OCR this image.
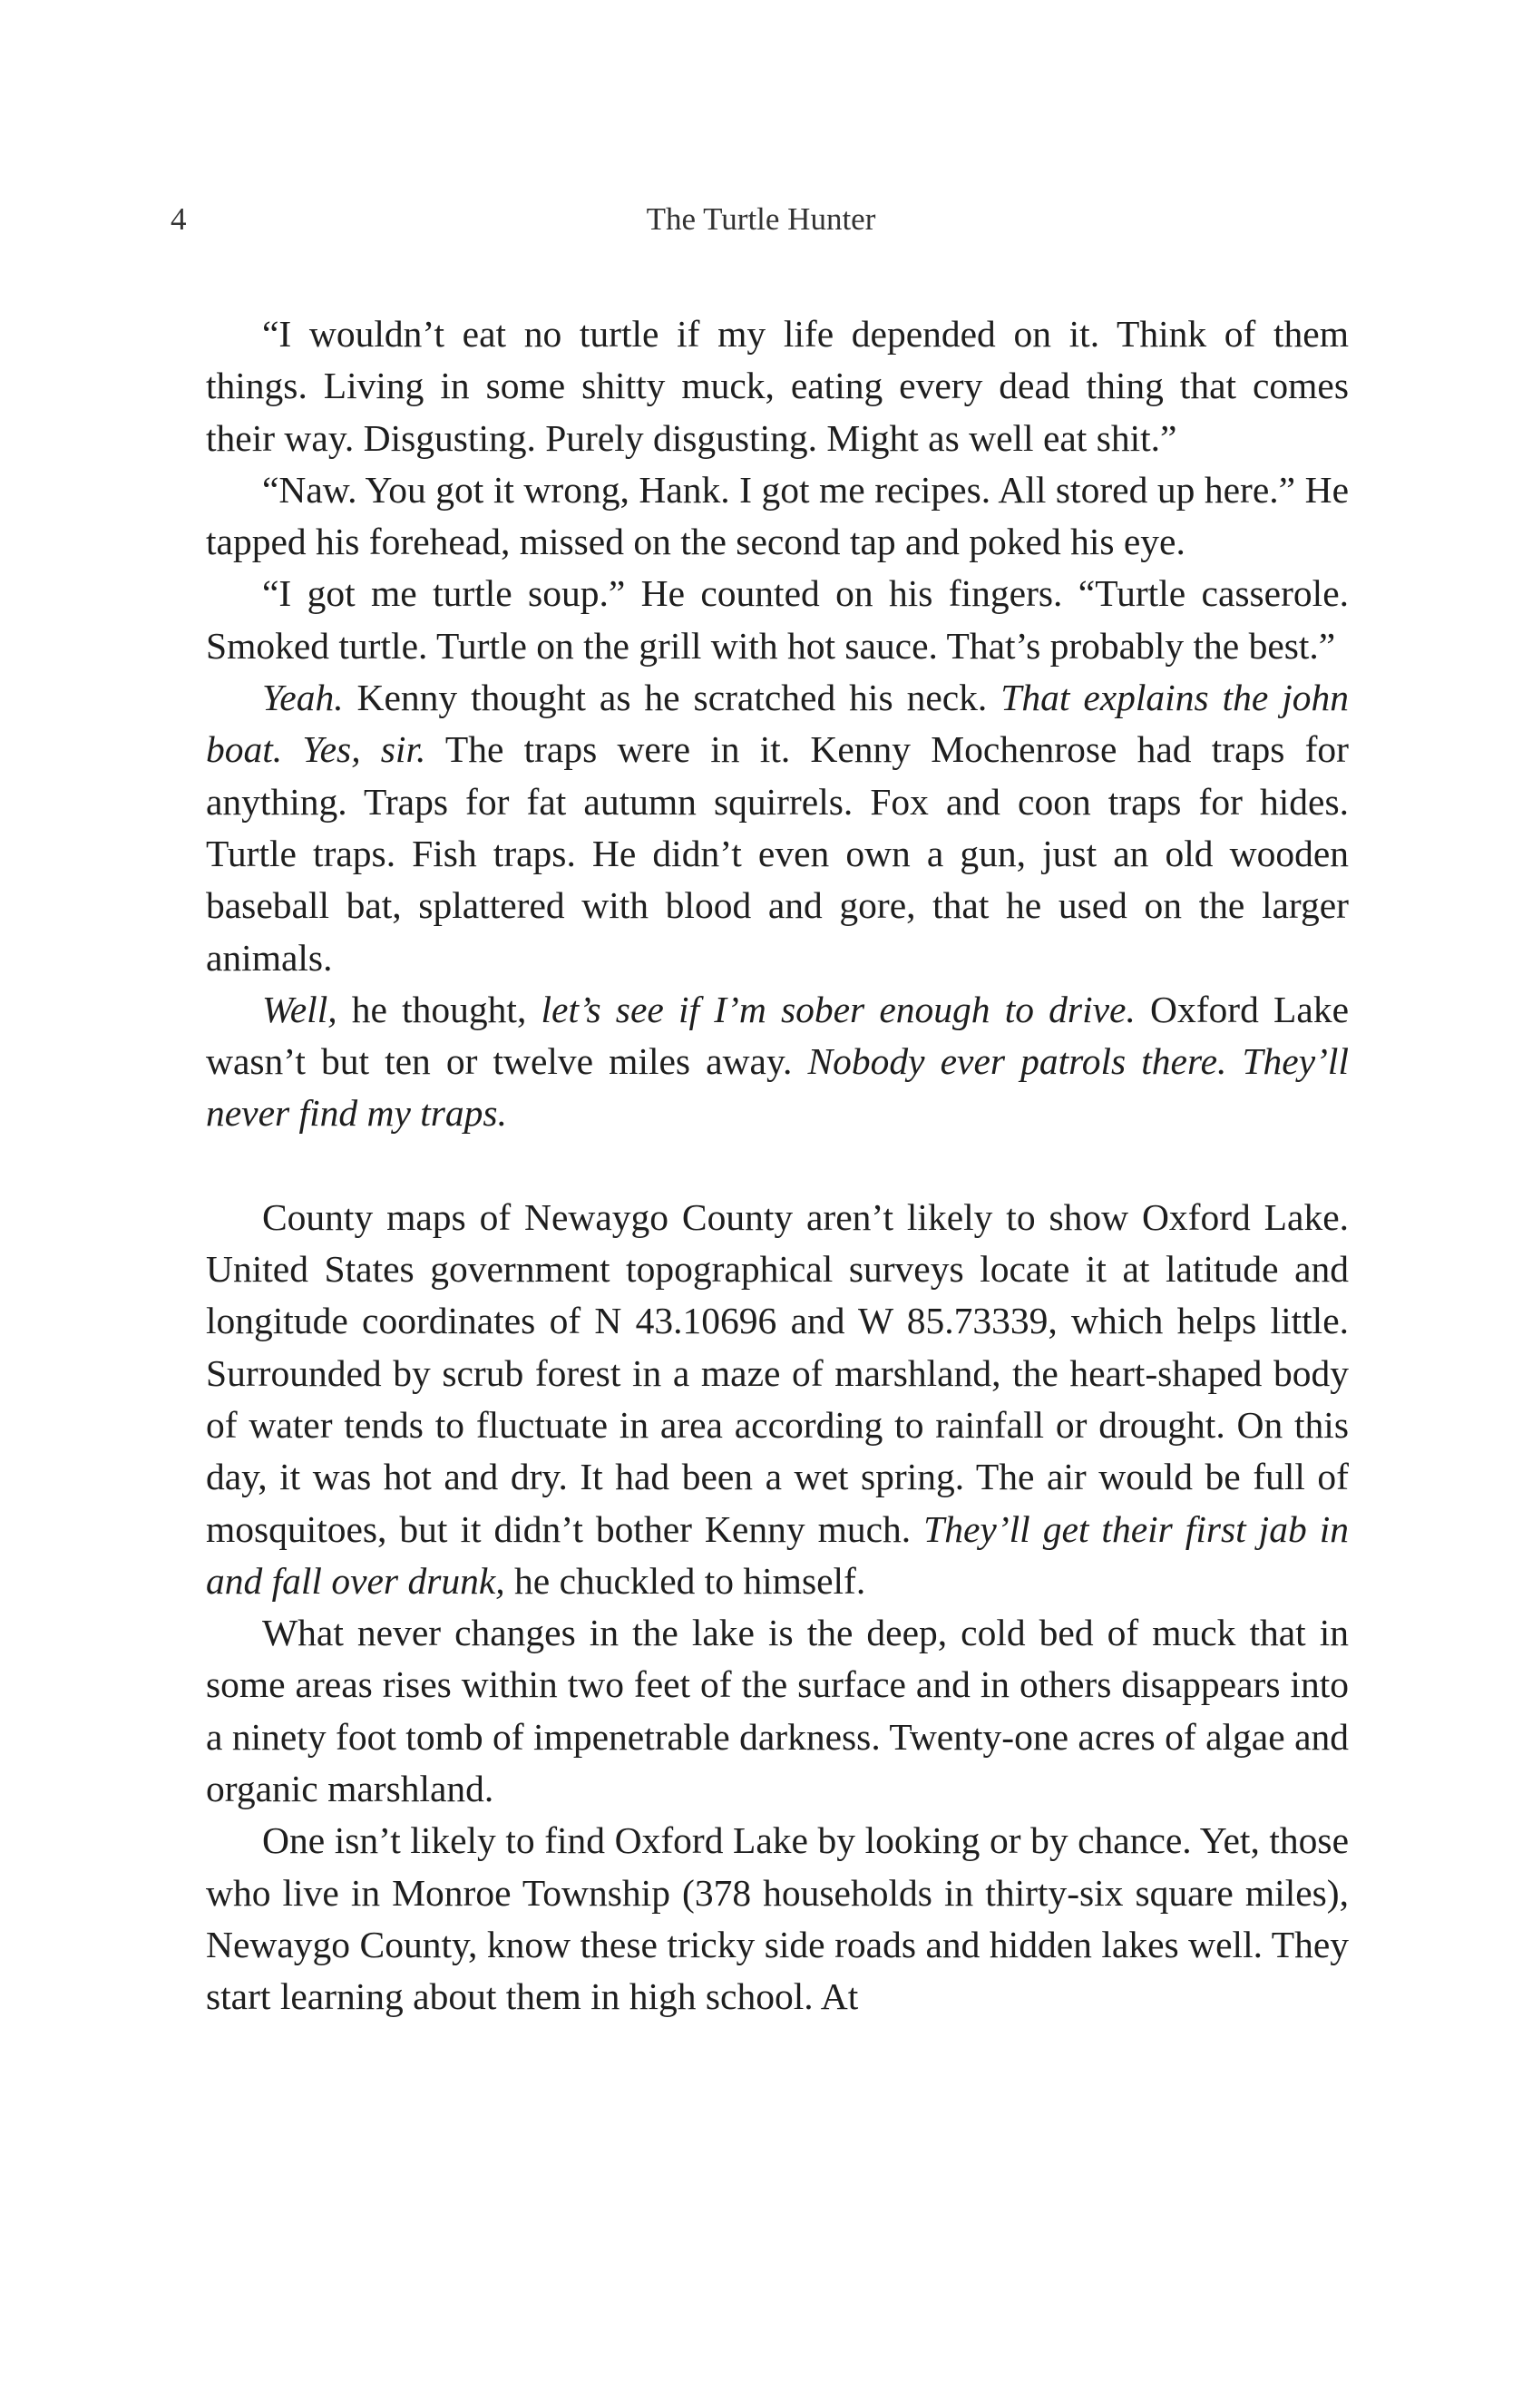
4	The Turtle Hunter

“I wouldn’t eat no turtle if my life depended on it. Think of them things. Living in some shitty muck, eating every dead thing that comes their way. Disgusting. Purely disgusting. Might as well eat shit.”

“Naw. You got it wrong, Hank. I got me recipes. All stored up here.” He tapped his forehead, missed on the second tap and poked his eye.

“I got me turtle soup.” He counted on his fingers. “Turtle casserole. Smoked turtle. Turtle on the grill with hot sauce. That’s probably the best.”

Yeah. Kenny thought as he scratched his neck. That explains the john boat. Yes, sir. The traps were in it. Kenny Mochenrose had traps for anything. Traps for fat autumn squirrels. Fox and coon traps for hides. Turtle traps. Fish traps. He didn’t even own a gun, just an old wooden baseball bat, splattered with blood and gore, that he used on the larger animals.

Well, he thought, let’s see if I’m sober enough to drive. Oxford Lake wasn’t but ten or twelve miles away. Nobody ever patrols there. They’ll never find my traps.

County maps of Newaygo County aren’t likely to show Oxford Lake. United States government topographical surveys locate it at latitude and longitude coordinates of N 43.10696 and W 85.73339, which helps little. Surrounded by scrub forest in a maze of marshland, the heart-shaped body of water tends to fluctuate in area according to rainfall or drought. On this day, it was hot and dry. It had been a wet spring. The air would be full of mosquitoes, but it didn’t bother Kenny much. They’ll get their first jab in and fall over drunk, he chuckled to himself.

What never changes in the lake is the deep, cold bed of muck that in some areas rises within two feet of the surface and in others disappears into a ninety foot tomb of impenetrable darkness. Twenty-one acres of algae and organic marshland.

One isn’t likely to find Oxford Lake by looking or by chance. Yet, those who live in Monroe Township (378 households in thirty-six square miles), Newaygo County, know these tricky side roads and hidden lakes well. They start learning about them in high school. At
